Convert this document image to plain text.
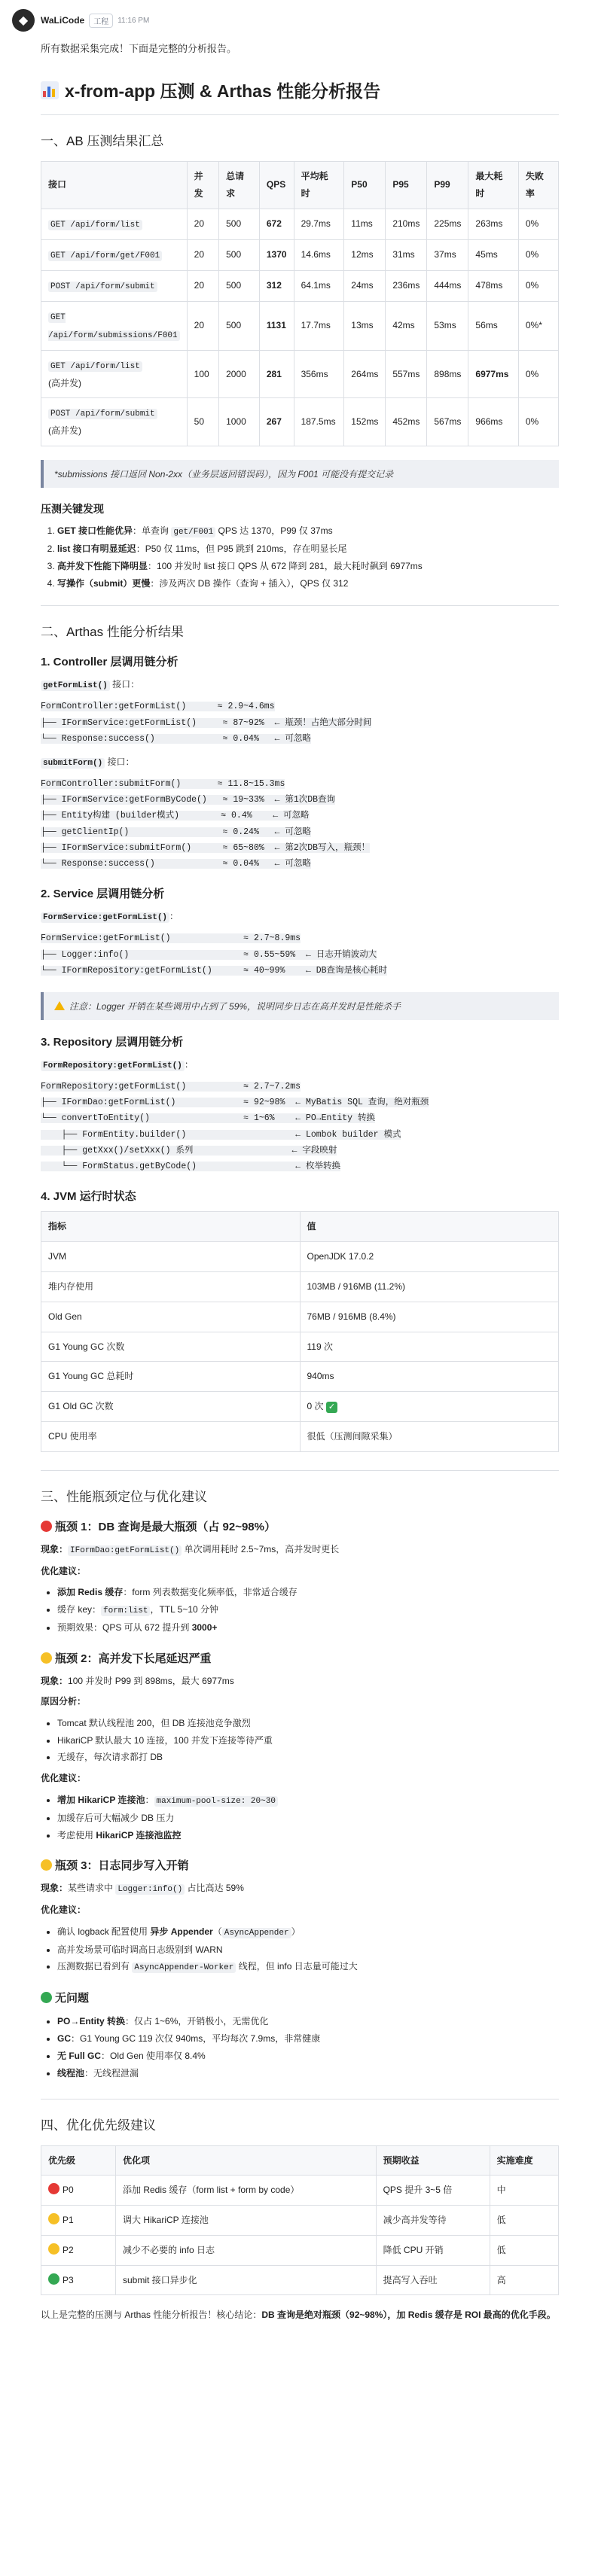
◆	WaLiCode	工程	11:16 PM

所有数据采集完成！下面是完整的分析报告。

x-from-app 压测 & Arthas 性能分析报告
一、AB 压测结果汇总
接口	并发	总请求	QPS	平均耗时	P50	P95	P99	最大耗时	失败率
GET /api/form/list	20	500	672	29.7ms	11ms	210ms	225ms	263ms	0%
GET /api/form/get/F001	20	500	1370	14.6ms	12ms	31ms	37ms	45ms	0%
POST /api/form/submit	20	500	312	64.1ms	24ms	236ms	444ms	478ms	0%
GET /api/form/submissions/F001	20	500	1131	17.7ms	13ms	42ms	53ms	56ms	0%*
GET /api/form/list
(高并发)	100	2000	281	356ms	264ms	557ms	898ms	6977ms	0%
POST /api/form/submit
(高并发)	50	1000	267	187.5ms	152ms	452ms	567ms	966ms	0%
*submissions 接口返回 Non-2xx（业务层返回错误码），因为 F001 可能没有提交记录
压测关键发现
1. GET 接口性能优异：单查询 get/F001 QPS 达 1370，P99 仅 37ms
2. list 接口有明显延迟：P50 仅 11ms，但 P95 跳到 210ms，存在明显长尾
3. 高并发下性能下降明显：100 并发时 list 接口 QPS 从 672 降到 281，最大耗时飙到 6977ms
4. 写操作（submit）更慢：涉及两次 DB 操作（查询 + 插入），QPS 仅 312
二、Arthas 性能分析结果
1. Controller 层调用链分析

getFormList() 接口：

FormController:getFormList()      ≈ 2.9~4.6ms
├── IFormService:getFormList()     ≈ 87~92%  ← 瓶颈！占绝大部分时间
└── Response:success()             ≈ 0.04%   ← 可忽略

submitForm() 接口：

FormController:submitForm()       ≈ 11.8~15.3ms
├── IFormService:getFormByCode()   ≈ 19~33%  ← 第1次DB查询
├── Entity构建 (builder模式)        ≈ 0.4%    ← 可忽略
├── getClientIp()                  ≈ 0.24%   ← 可忽略
├── IFormService:submitForm()      ≈ 65~80%  ← 第2次DB写入，瓶颈！
└── Response:success()             ≈ 0.04%   ← 可忽略
2. Service 层调用链分析

FormService:getFormList() ：

FormService:getFormList()              ≈ 2.7~8.9ms
├── Logger:info()                      ≈ 0.55~59%  ← 日志开销波动大
└── IFormRepository:getFormList()      ≈ 40~99%    ← DB查询是核心耗时
注意：Logger 开销在某些调用中占到了 59%，说明同步日志在高并发时是性能杀手
3. Repository 层调用链分析

FormRepository:getFormList() ：

FormRepository:getFormList()           ≈ 2.7~7.2ms
├── IFormDao:getFormList()             ≈ 92~98%  ← MyBatis SQL 查询，绝对瓶颈
└── convertToEntity()                  ≈ 1~6%    ← PO→Entity 转换
├── FormEntity.builder()                     ← Lombok builder 模式
├── getXxx()/setXxx() 系列                   ← 字段映射
└── FormStatus.getByCode()                   ← 枚举转换
4. JVM 运行时状态
指标	值
JVM	OpenJDK 17.0.2
堆内存使用	103MB / 916MB (11.2%)
Old Gen	76MB / 916MB (8.4%)
G1 Young GC 次数	119 次
G1 Young GC 总耗时	940ms
G1 Old GC 次数	0 次 ✓
CPU 使用率	很低（压测间隙采集）
三、性能瓶颈定位与优化建议
瓶颈 1：DB 查询是最大瓶颈（占 92~98%）

现象： IFormDao:getFormList() 单次调用耗时 2.5~7ms，高并发时更长

优化建议：

• 添加 Redis 缓存：form 列表数据变化频率低，非常适合缓存
• 缓存 key： form:list ，TTL 5~10 分钟
• 预期效果：QPS 可从 672 提升到 3000+
瓶颈 2：高并发下长尾延迟严重

现象：100 并发时 P99 到 898ms，最大 6977ms

原因分析：

• Tomcat 默认线程池 200，但 DB 连接池竞争激烈
• HikariCP 默认最大 10 连接，100 并发下连接等待严重
• 无缓存，每次请求都打 DB

优化建议：

• 增加 HikariCP 连接池： maximum-pool-size: 20~30
• 加缓存后可大幅减少 DB 压力
• 考虑使用 HikariCP 连接池监控
瓶颈 3：日志同步写入开销

现象：某些请求中 Logger:info() 占比高达 59%

优化建议：

• 确认 logback 配置使用 异步 Appender（ AsyncAppender ）
• 高并发场景可临时调高日志级别到 WARN
• 压测数据已看到有 AsyncAppender-Worker 线程，但 info 日志量可能过大
无问题
• PO→Entity 转换：仅占 1~6%，开销极小，无需优化
• GC：G1 Young GC 119 次仅 940ms，平均每次 7.9ms，非常健康
• 无 Full GC：Old Gen 使用率仅 8.4%
• 线程池：无线程泄漏
四、优化优先级建议
优先级	优化项	预期收益	实施难度
P0	添加 Redis 缓存（form list + form by code）	QPS 提升 3~5 倍	中
P1	调大 HikariCP 连接池	减少高并发等待	低
P2	减少不必要的 info 日志	降低 CPU 开销	低
P3	submit 接口异步化	提高写入吞吐	高

以上是完整的压测与 Arthas 性能分析报告！核心结论：DB 查询是绝对瓶颈（92~98%），加 Redis 缓存是 ROI 最高的优化手段。
